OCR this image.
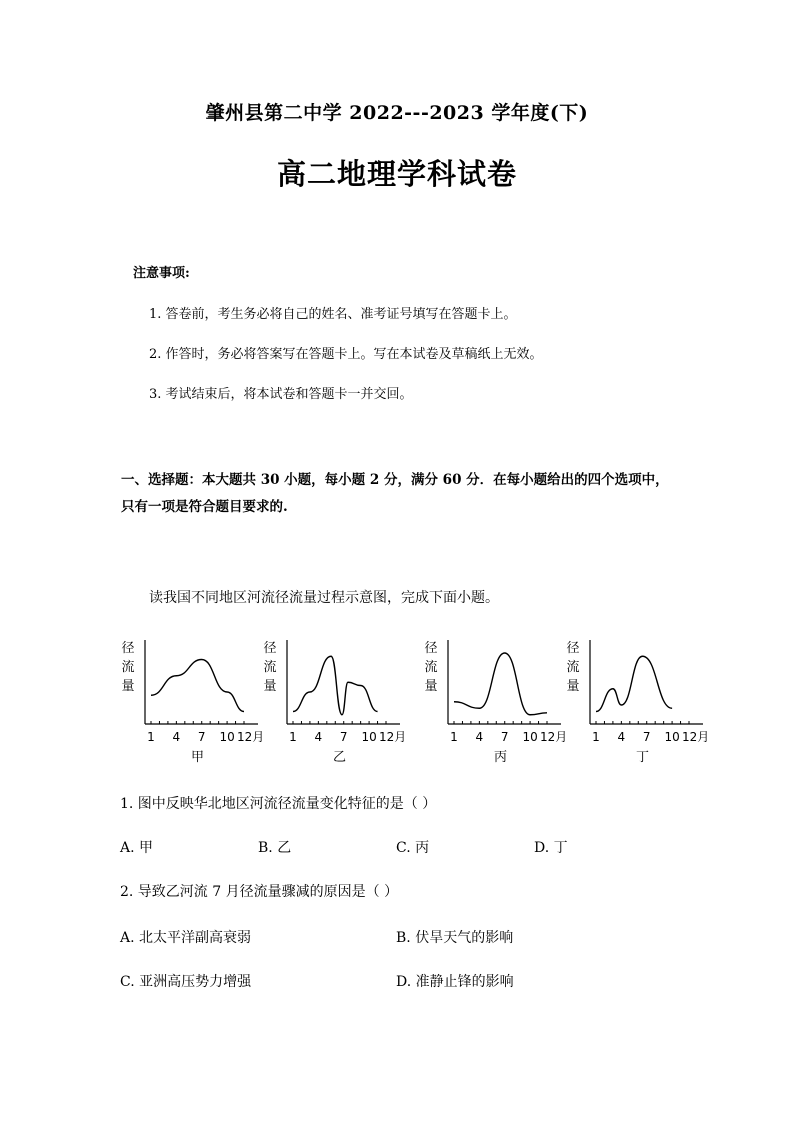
肇州县第二中学 2022---2023 学年度(下)
高二地理学科试卷
注意事项:
1. 答卷前，考生务必将自己的姓名、准考证号填写在答题卡上。
2. 作答时，务必将答案写在答题卡上。写在本试卷及草稿纸上无效。
3. 考试结束后，将本试卷和答题卡一并交回。
一、选择题：本大题共 30 小题，每小题 2 分，满分 60 分．在每小题给出的四个选项中，
只有一项是符合题目要求的.
读我国不同地区河流径流量过程示意图，完成下面小题。
径
流
量
1 4 7 10 12月
甲
径
流
量
1 4 7 10 12月
乙
径
流
量
1 4 7 10 12月
丙
径
流
量
1 4 7 10 12月
丁
1. 图中反映华北地区河流径流量变化特征的是（ ）
A. 甲	B. 乙	C. 丙	D. 丁
2. 导致乙河流 7 月径流量骤减的原因是（ ）
A. 北太平洋副高衰弱	B. 伏旱天气的影响
C. 亚洲高压势力增强	D. 准静止锋的影响
